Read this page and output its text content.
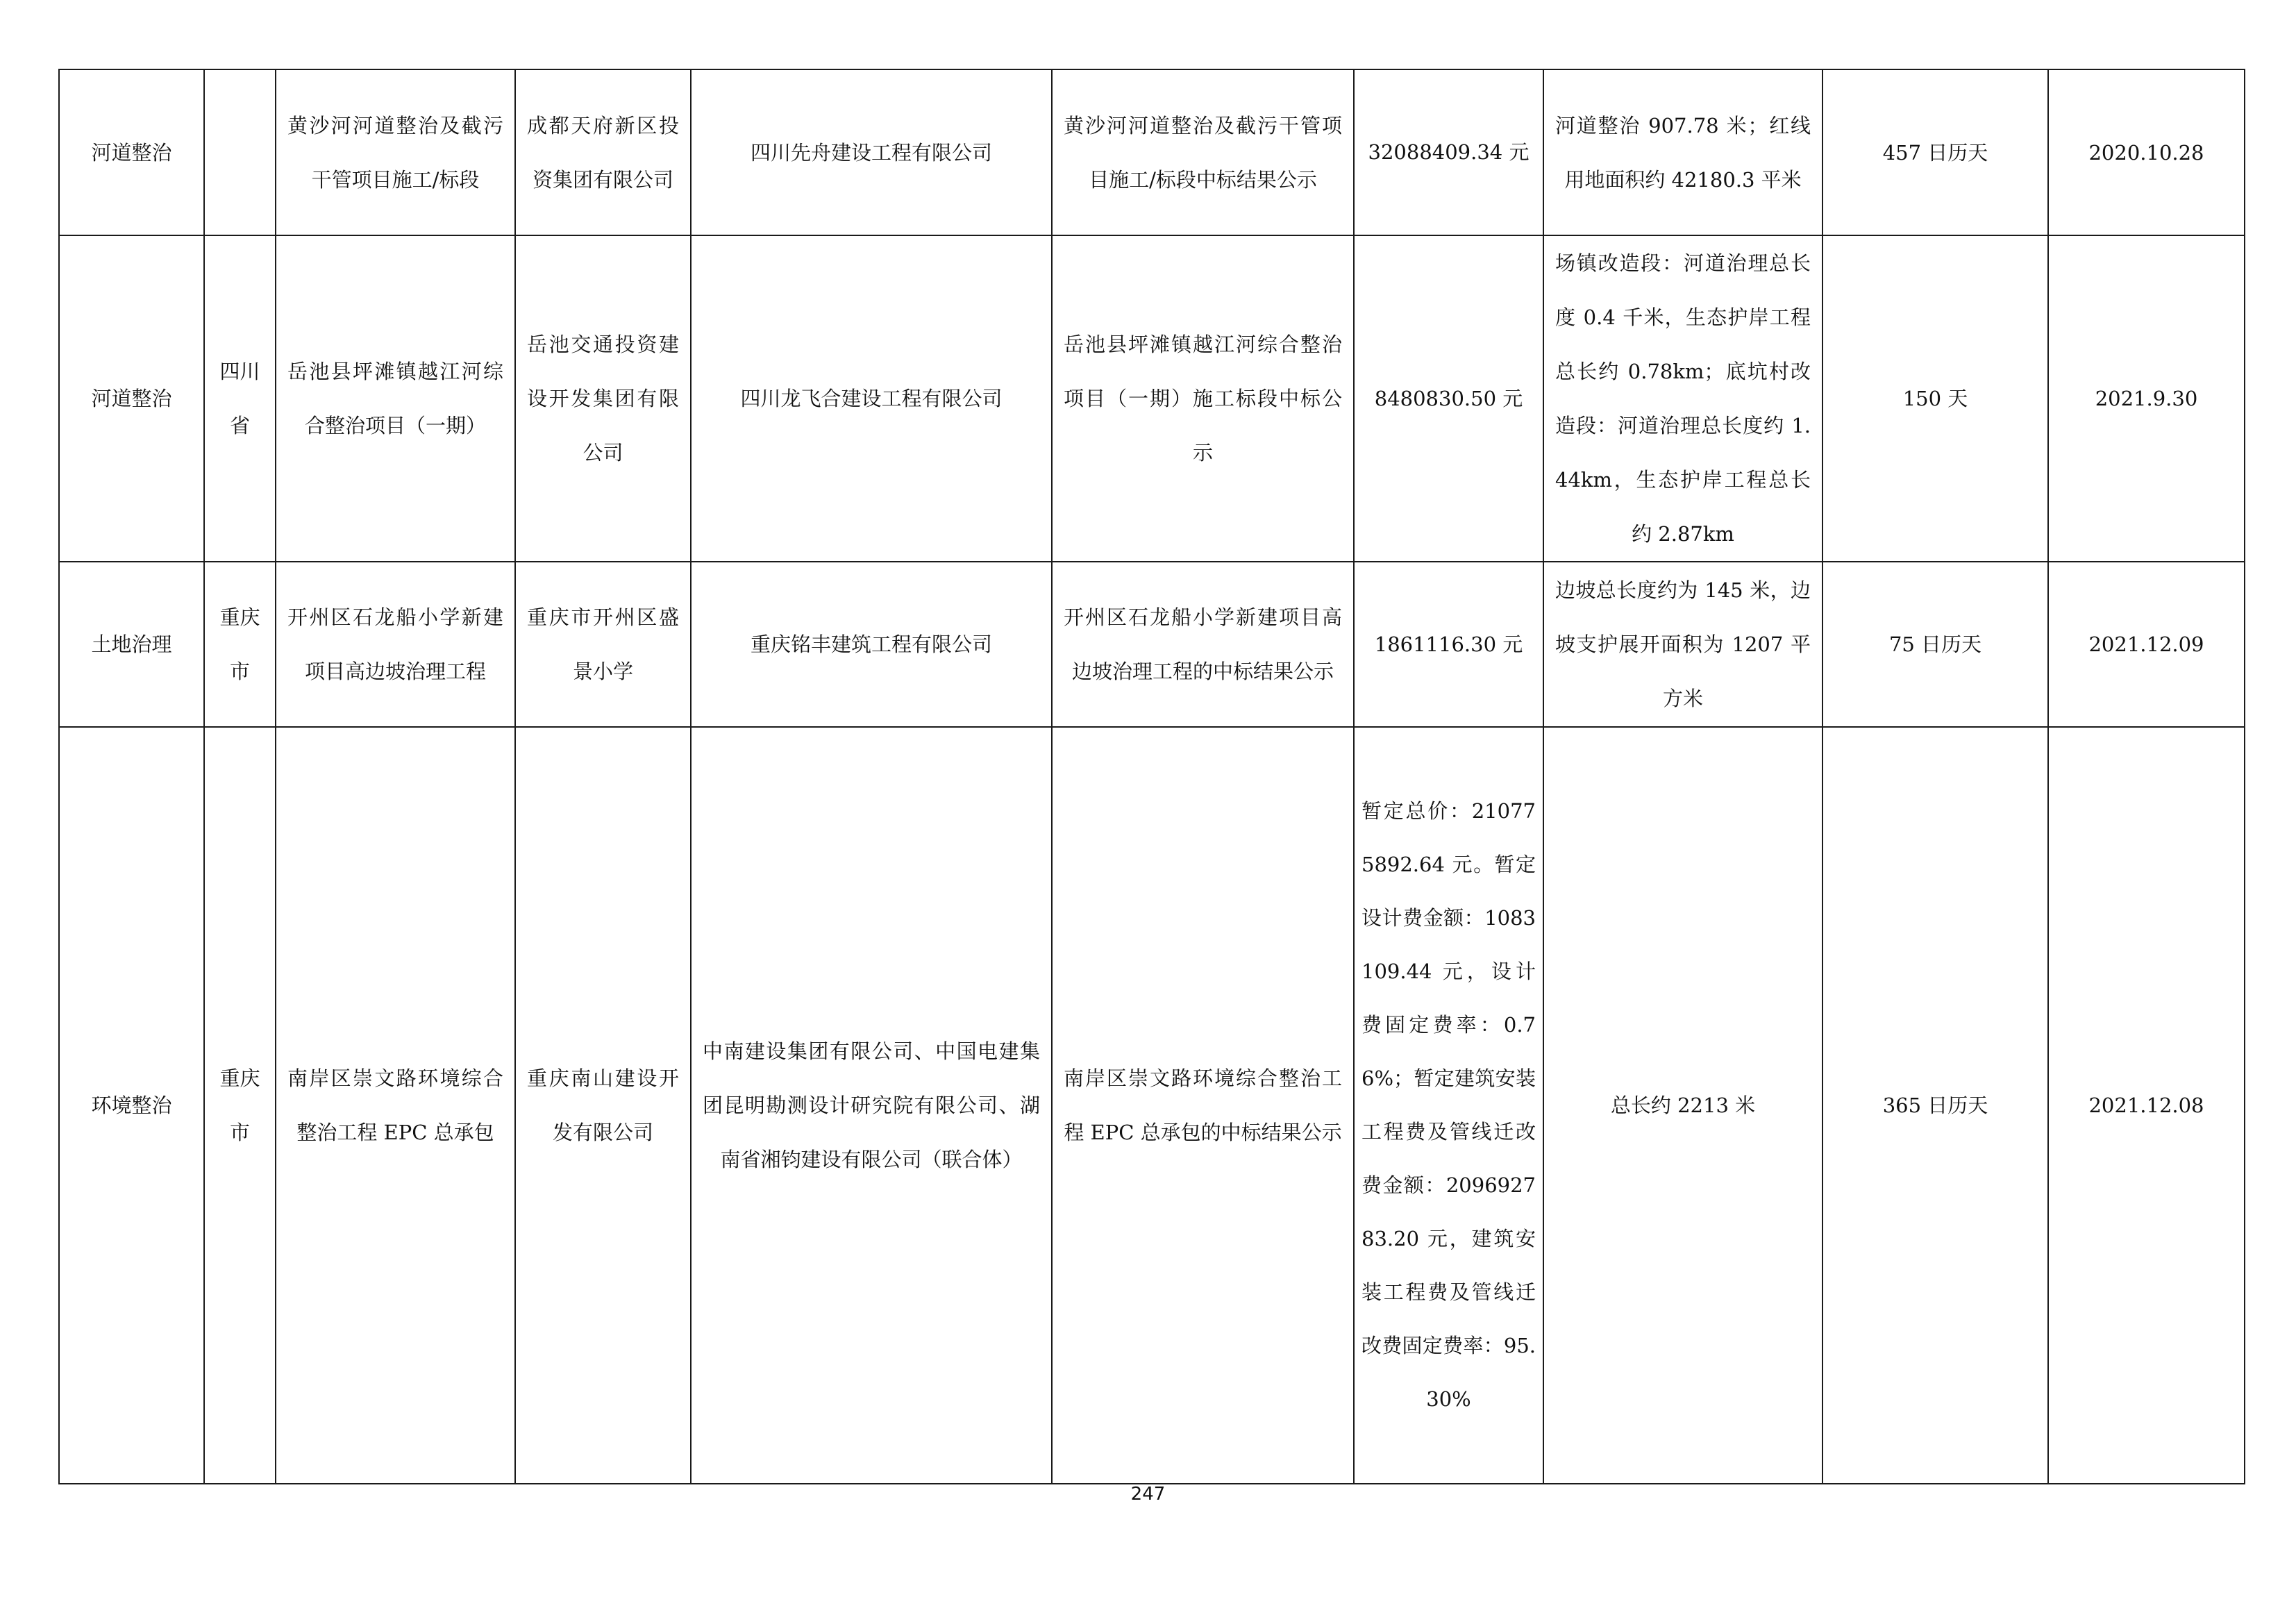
河道整治		黄沙河河道整治及截污干管项目施工/标段	成都天府新区投资集团有限公司	四川先舟建设工程有限公司	黄沙河河道整治及截污干管项目施工/标段中标结果公示	32088409.34 元	河道整治 907.78 米；红线用地面积约 42180.3 平米	457 日历天	2020.10.28
河道整治	四川省	岳池县坪滩镇越江河综合整治项目（一期）	岳池交通投资建设开发集团有限公司	四川龙飞合建设工程有限公司	岳池县坪滩镇越江河综合整治项目（一期）施工标段中标公示	8480830.50 元	场镇改造段：河道治理总长度 0.4 千米，生态护岸工程总长约 0.78km；底坑村改造段：河道治理总长度约 1.44km，生态护岸工程总长约 2.87km	150 天	2021.9.30
土地治理	重庆市	开州区石龙船小学新建项目高边坡治理工程	重庆市开州区盛景小学	重庆铭丰建筑工程有限公司	开州区石龙船小学新建项目高边坡治理工程的中标结果公示	1861116.30 元	边坡总长度约为 145 米，边坡支护展开面积为 1207 平方米	75 日历天	2021.12.09
环境整治	重庆市	南岸区崇文路环境综合整治工程 EPC 总承包	重庆南山建设开发有限公司	中南建设集团有限公司、中国电建集团昆明勘测设计研究院有限公司、湖南省湘钧建设有限公司（联合体）	南岸区崇文路环境综合整治工程 EPC 总承包的中标结果公示	暂定总价：210775892.64 元。暂定设计费金额：1083109.44 元，设计费固定费率：0.76%；暂定建筑安装工程费及管线迁改费金额：209692783.20 元，建筑安装工程费及管线迁改费固定费率：95.30%	总长约 2213 米	365 日历天	2021.12.08
247
